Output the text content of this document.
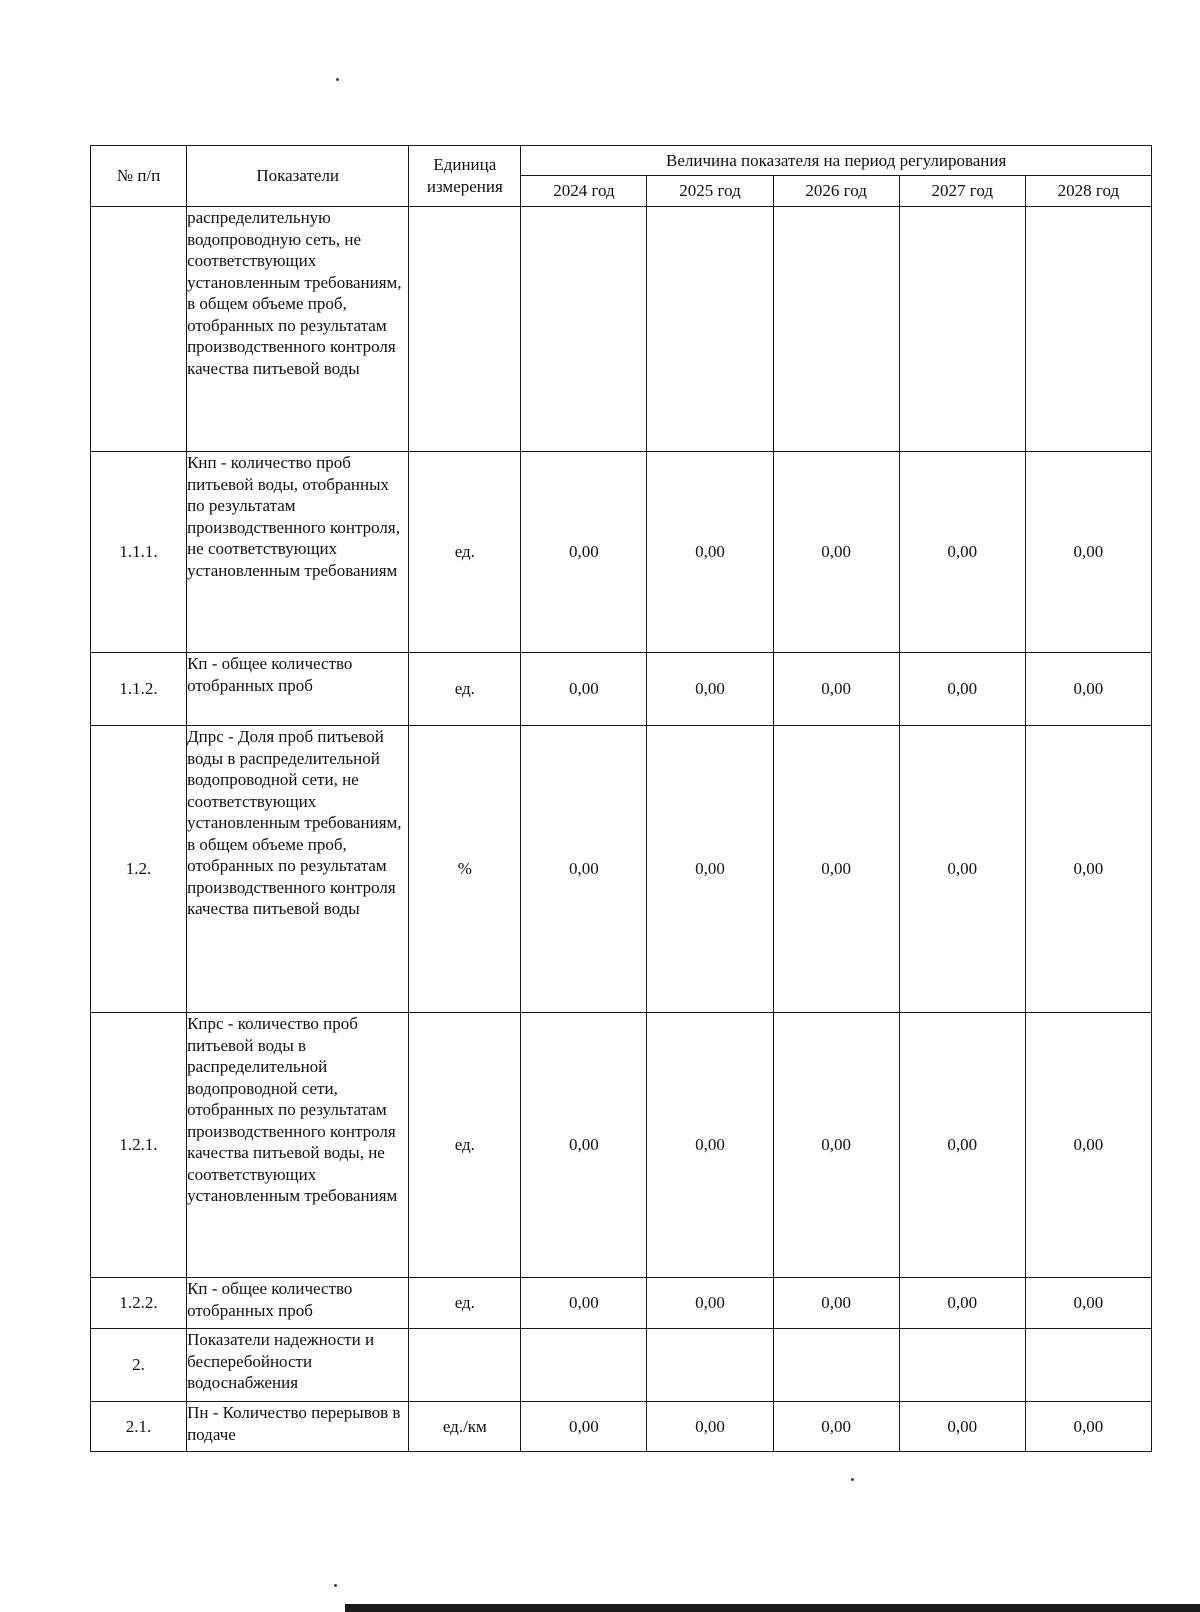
№ п/п	Показатели	Единица измерения	Величина показателя на период регулирования				
			2024 год	2025 год	2026 год	2027 год	2028 год
	распределительную водопроводную сеть, не соответствующих установленным требованиям, в общем объеме проб, отобранных по результатам производственного контроля качества питьевой воды						
1.1.1.	Кнп - количество проб питьевой воды, отобранных по результатам производственного контроля, не соответствующих установленным требованиям	ед.	0,00	0,00	0,00	0,00	0,00
1.1.2.	Кп - общее количество отобранных проб	ед.	0,00	0,00	0,00	0,00	0,00
1.2.	Дпрс - Доля проб питьевой воды в распределительной водопроводной сети, не соответствующих установленным требованиям, в общем объеме проб, отобранных по результатам производственного контроля качества питьевой воды	%	0,00	0,00	0,00	0,00	0,00
1.2.1.	Кпрс - количество проб питьевой воды в распределительной водопроводной сети, отобранных по результатам производственного контроля качества питьевой воды, не соответствующих установленным требованиям	ед.	0,00	0,00	0,00	0,00	0,00
1.2.2.	Кп - общее количество отобранных проб	ед.	0,00	0,00	0,00	0,00	0,00
2.	Показатели надежности и бесперебойности водоснабжения						
2.1.	Пн - Количество перерывов в подаче	ед./км	0,00	0,00	0,00	0,00	0,00
